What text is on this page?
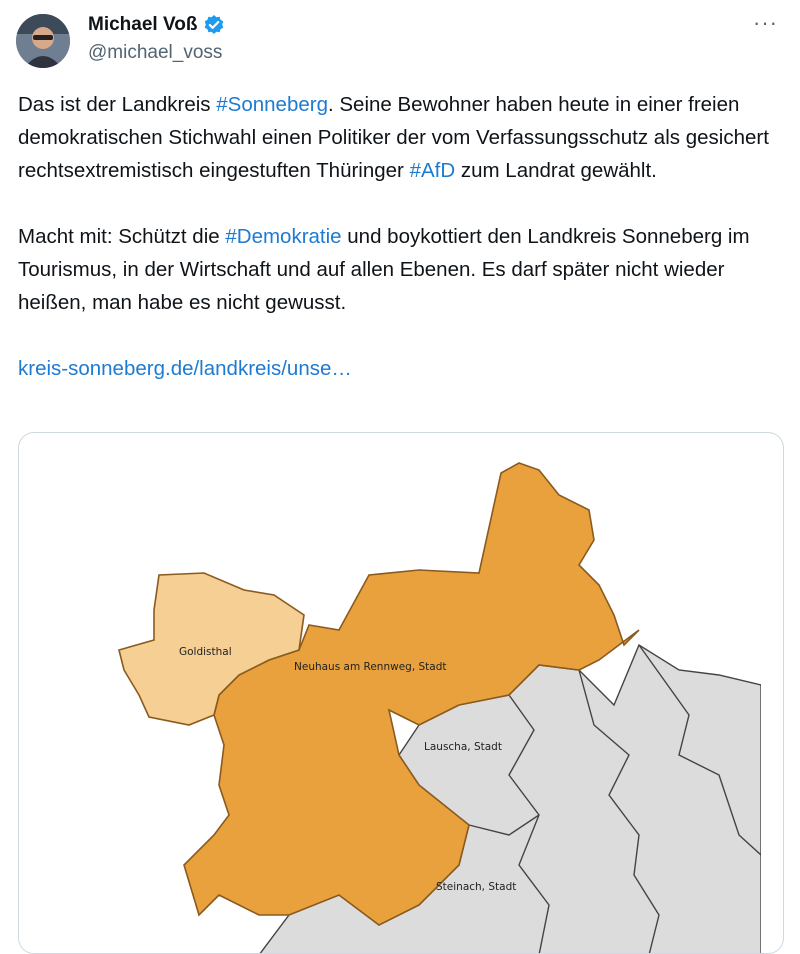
Michael Voß
@michael_voss
···

Das ist der Landkreis #Sonneberg. Seine Bewohner haben heute in einer freien demokratischen Stichwahl einen Politiker der vom Verfassungsschutz als gesichert rechtsextremistisch eingestuften Thüringer #AfD zum Landrat gewählt.

Macht mit: Schützt die #Demokratie und boykottiert den Landkreis Sonneberg im Tourismus, in der Wirtschaft und auf allen Ebenen. Es darf später nicht wieder heißen, man habe es nicht gewusst.

kreis-sonneberg.de/landkreis/unse…

Goldisthal
Neuhaus am Rennweg, Stadt
Lauscha, Stadt
Steinach, Stadt
